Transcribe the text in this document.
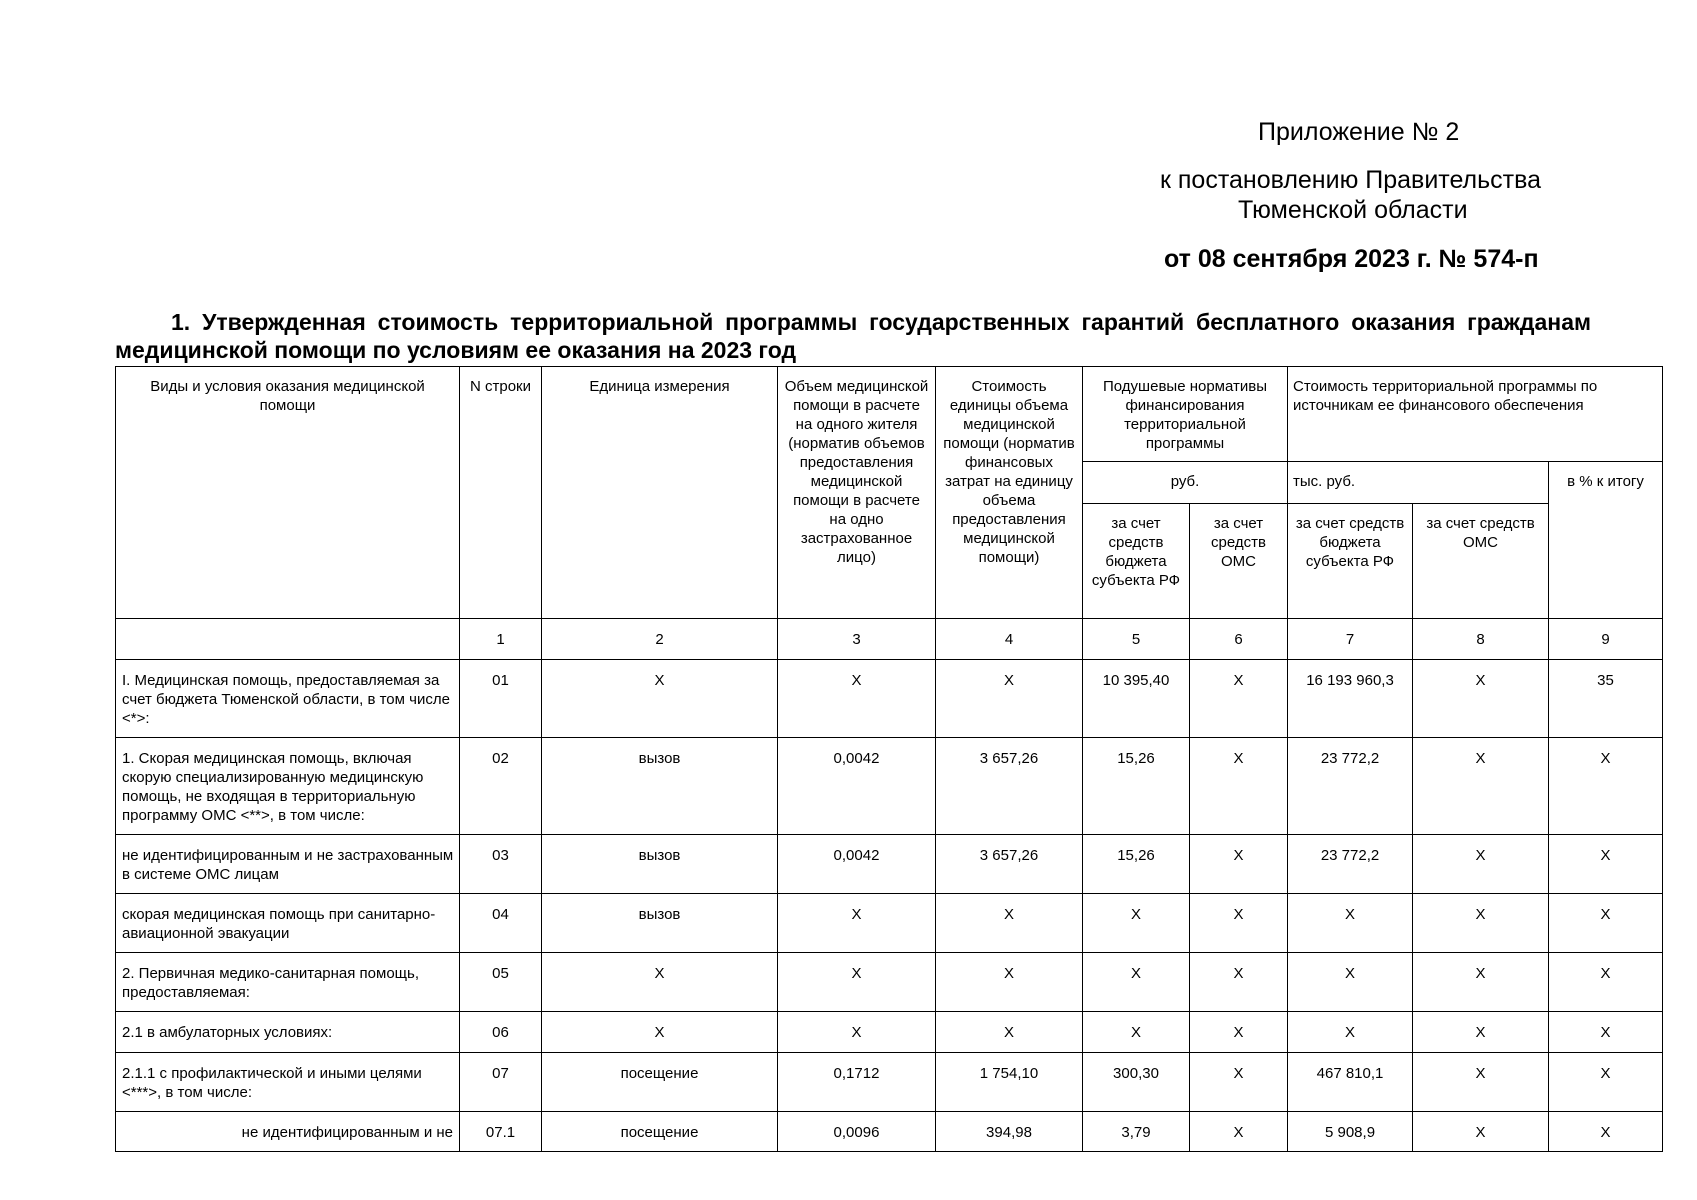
Приложение № 2
к постановлению Правительства
Тюменской области
от 08 сентября 2023 г. № 574-п
1. Утвержденная стоимость территориальной программы государственных гарантий бесплатного оказания гражданам медицинской помощи по условиям ее оказания на 2023 год
Виды и условия оказания медицинской помощи	N строки	Единица измерения	Объем медицинской помощи в расчете на одного жителя (норматив объемов предоставления медицинской помощи в расчете на одно застрахованное лицо)	Стоимость единицы объема медицинской помощи (норматив финансовых затрат на единицу объема предоставления медицинской помощи)	Подушевые нормативы финансирования территориальной программы		Стоимость территориальной программы по источникам ее финансового обеспечения		
					руб.		тыс. руб.		в % к итогу
					за счет средств бюджета субъекта РФ	за счет средств ОМС	за счет средств бюджета субъекта РФ	за счет средств ОМС	
	1	2	3	4	5	6	7	8	9
I. Медицинская помощь, предоставляемая за счет бюджета Тюменской области, в том числе <*>:	01	X	X	X	10 395,40	X	16 193 960,3	X	35
1. Скорая медицинская помощь, включая скорую специализированную медицинскую помощь, не входящая в территориальную программу ОМС <**>, в том числе:	02	вызов	0,0042	3 657,26	15,26	X	23 772,2	X	X
не идентифицированным и не застрахованным в системе ОМС лицам	03	вызов	0,0042	3 657,26	15,26	X	23 772,2	X	X
скорая медицинская помощь при санитарно-авиационной эвакуации	04	вызов	X	X	X	X	X	X	X
2. Первичная медико-санитарная помощь, предоставляемая:	05	X	X	X	X	X	X	X	X
2.1 в амбулаторных условиях:	06	X	X	X	X	X	X	X	X
2.1.1 с профилактической и иными целями <***>, в том числе:	07	посещение	0,1712	1 754,10	300,30	X	467 810,1	X	X
не идентифицированным и не	07.1	посещение	0,0096	394,98	3,79	X	5 908,9	X	X
